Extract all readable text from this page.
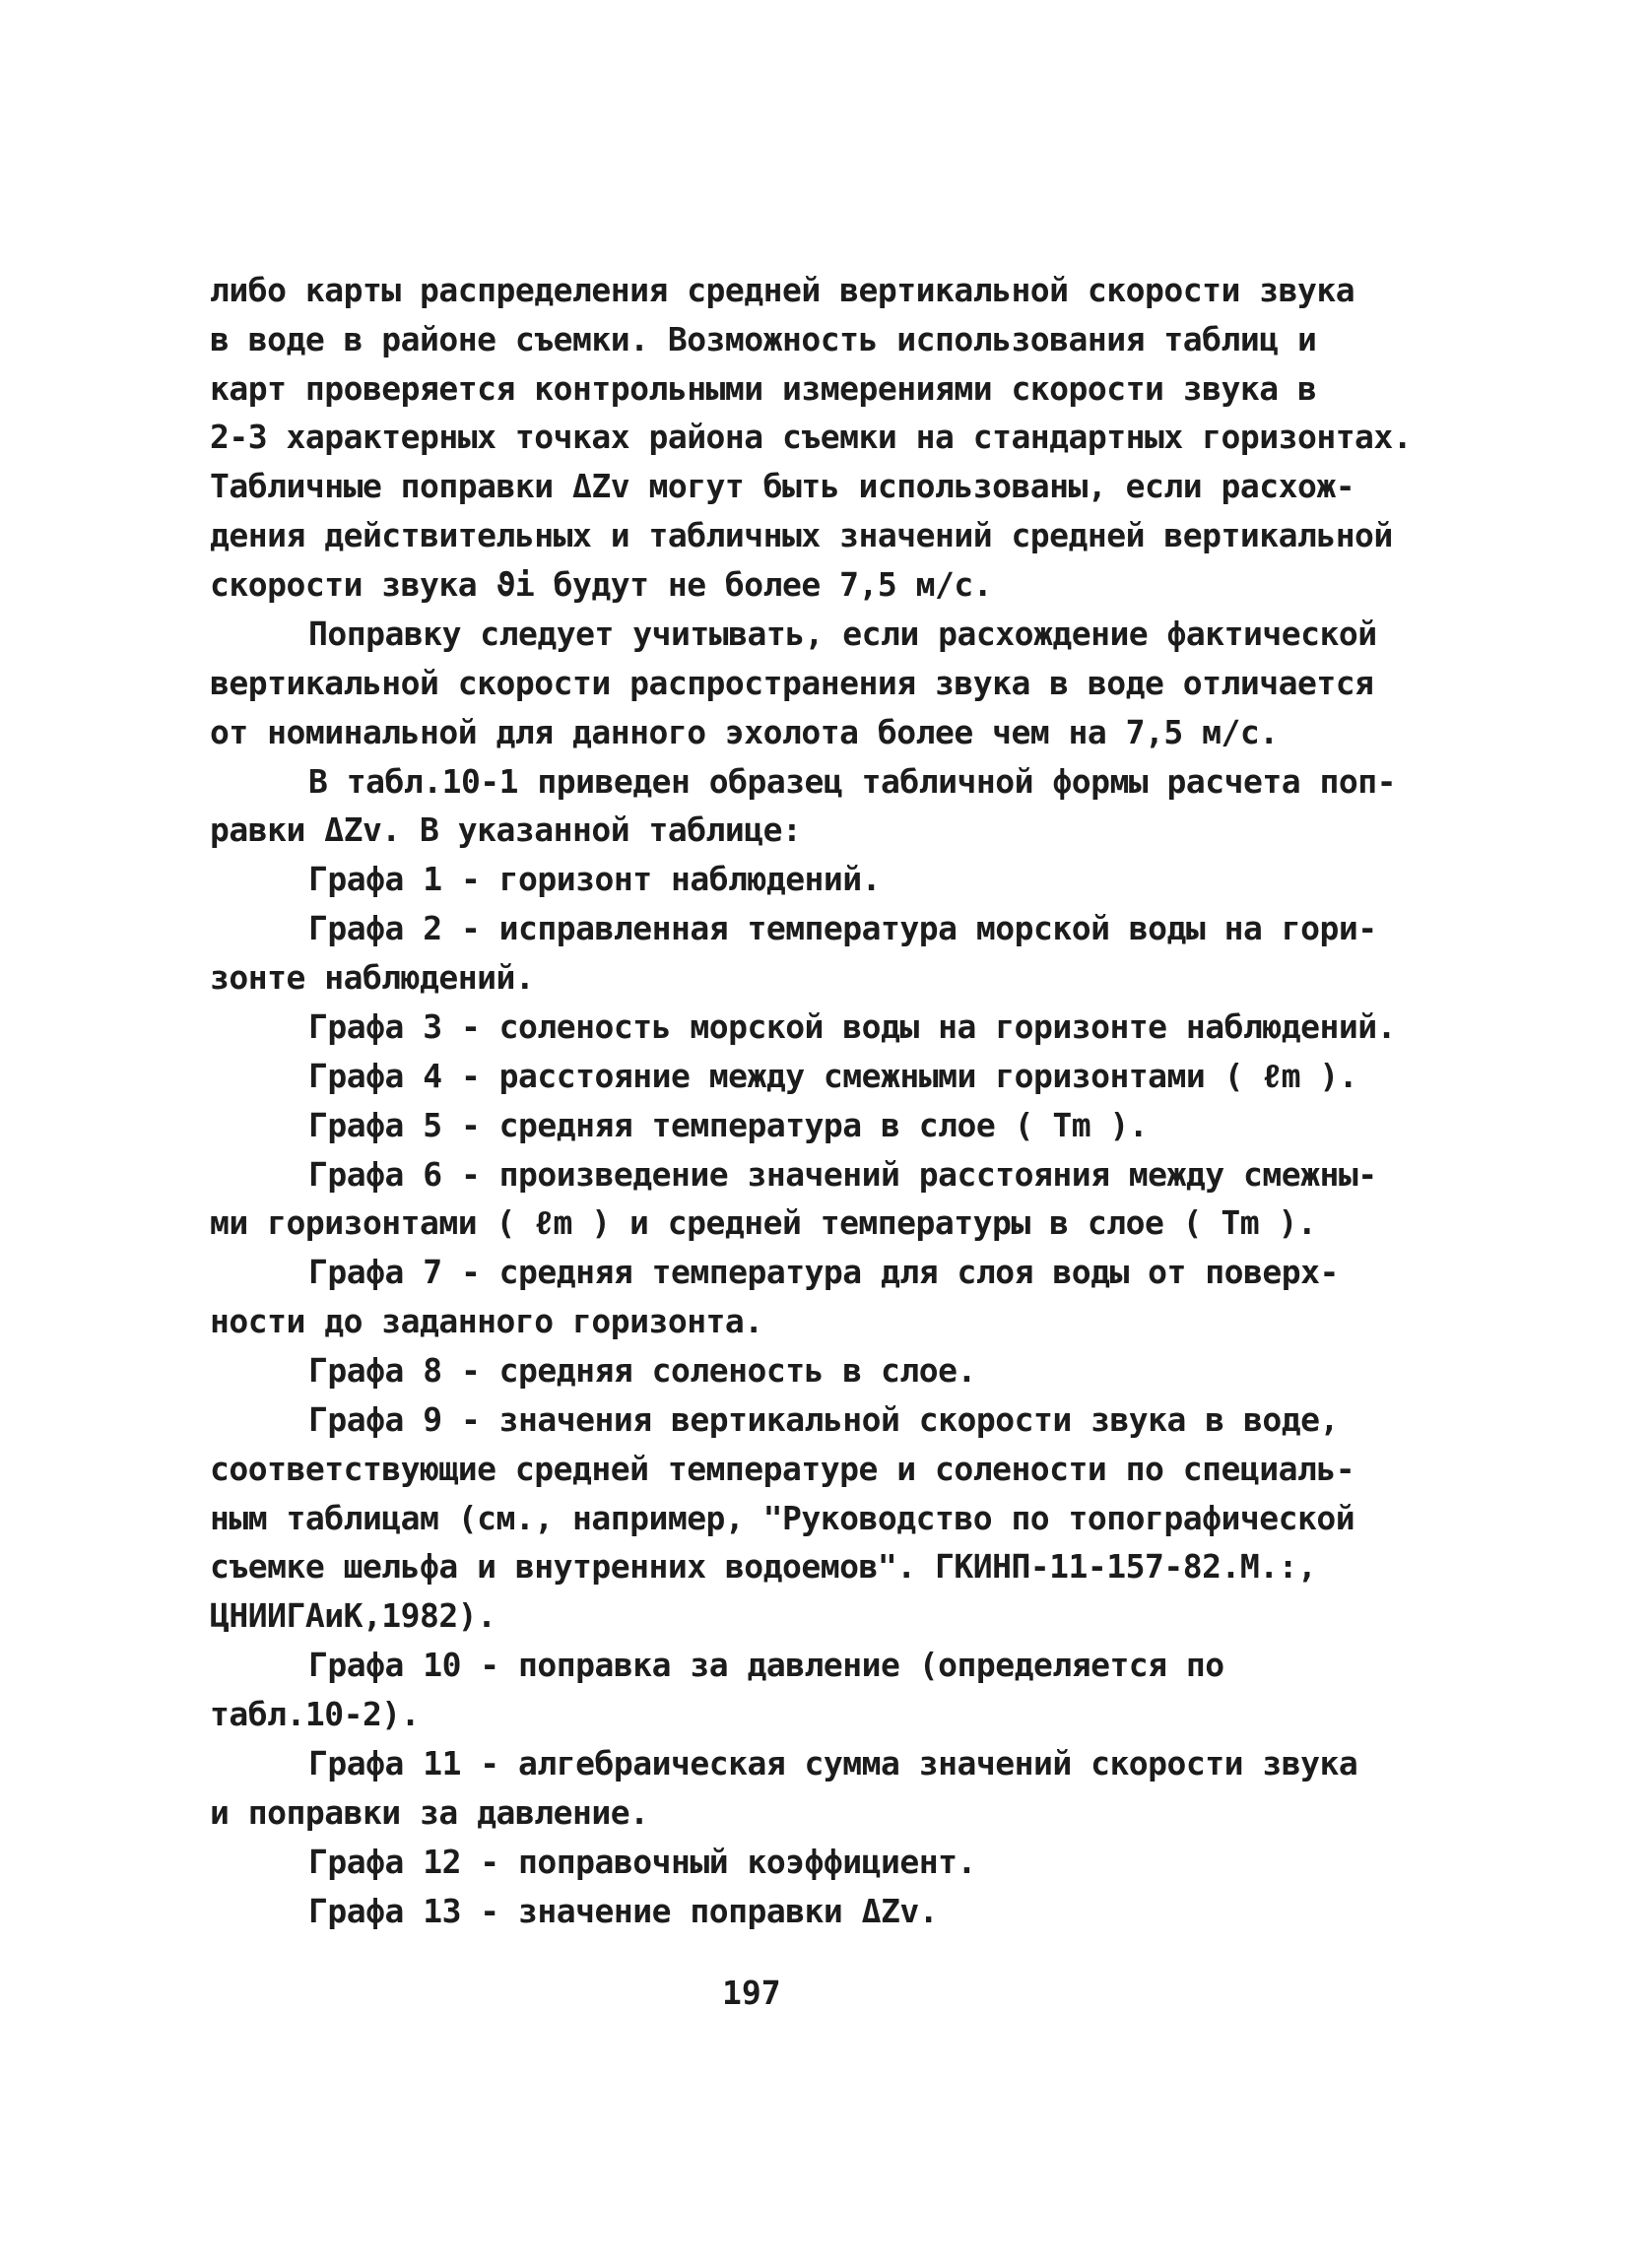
либо карты распределения средней вертикальной скорости звука
в воде в районе съемки. Возможность использования таблиц и
карт проверяется контрольными измерениями скорости звука в
2-3 характерных точках района съемки на стандартных горизонтах.
Табличные поправки ΔZv могут быть использованы, если расхож-
дения действительных и табличных значений средней вертикальной
скорости звука ϑi будут не более 7,5 м/с.
Поправку следует учитывать, если расхождение фактической
вертикальной скорости распространения звука в воде отличается
от номинальной для данного эхолота более чем на 7,5 м/с.
В табл.10-1 приведен образец табличной формы расчета поп-
равки ΔZv. В указанной таблице:
Графа 1 - горизонт наблюдений.
Графа 2 - исправленная температура морской воды на гори-
зонте наблюдений.
Графа 3 - соленость морской воды на горизонте наблюдений.
Графа 4 - расстояние между смежными горизонтами ( ℓm ).
Графа 5 - средняя температура в слое ( Tm ).
Графа 6 - произведение значений расстояния между смежны-
ми горизонтами ( ℓm ) и средней температуры в слое ( Tm ).
Графа 7 - средняя температура для слоя воды от поверх-
ности до заданного горизонта.
Графа 8 - средняя соленость в слое.
Графа 9 - значения вертикальной скорости звука в воде,
соответствующие средней температуре и солености по специаль-
ным таблицам (см., например, "Руководство по топографической
съемке шельфа и внутренних водоемов". ГКИНП-11-157-82.М.:,
ЦНИИГАиК,1982).
Графа 10 - поправка за давление (определяется по
табл.10-2).
Графа 11 - алгебраическая сумма значений скорости звука
и поправки за давление.
Графа 12 - поправочный коэффициент.
Графа 13 - значение поправки ΔZv.
197
